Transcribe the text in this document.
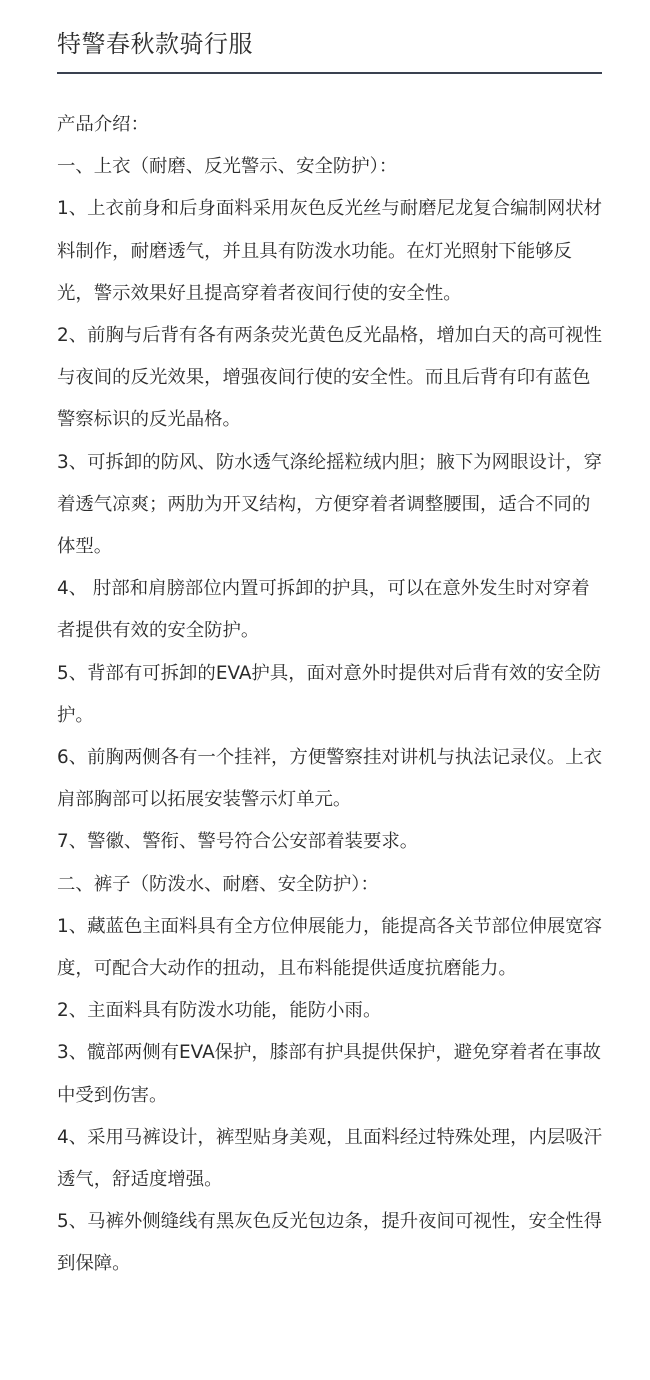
特警春秋款骑行服

产品介绍：

一、上衣（耐磨、反光警示、安全防护）：

1、上衣前身和后身面料采用灰色反光丝与耐磨尼龙复合编制网状材料制作，耐磨透气，并且具有防泼水功能。在灯光照射下能够反光，警示效果好且提高穿着者夜间行使的安全性。

2、前胸与后背有各有两条荧光黄色反光晶格，增加白天的高可视性与夜间的反光效果，增强夜间行使的安全性。而且后背有印有蓝色警察标识的反光晶格。

3、可拆卸的防风、防水透气涤纶摇粒绒内胆；腋下为网眼设计，穿着透气凉爽；两肋为开叉结构，方便穿着者调整腰围，适合不同的体型。

4、 肘部和肩膀部位内置可拆卸的护具，可以在意外发生时对穿着者提供有效的安全防护。

5、背部有可拆卸的EVA护具，面对意外时提供对后背有效的安全防护。

6、前胸两侧各有一个挂袢，方便警察挂对讲机与执法记录仪。上衣肩部胸部可以拓展安装警示灯单元。

7、警徽、警衔、警号符合公安部着装要求。

二、裤子（防泼水、耐磨、安全防护）：

1、藏蓝色主面料具有全方位伸展能力，能提高各关节部位伸展宽容度，可配合大动作的扭动，且布料能提供适度抗磨能力。

2、主面料具有防泼水功能，能防小雨。

3、髋部两侧有EVA保护，膝部有护具提供保护，避免穿着者在事故中受到伤害。

4、采用马裤设计，裤型贴身美观，且面料经过特殊处理，内层吸汗透气，舒适度增强。

5、马裤外侧缝线有黑灰色反光包边条，提升夜间可视性，安全性得到保障。
